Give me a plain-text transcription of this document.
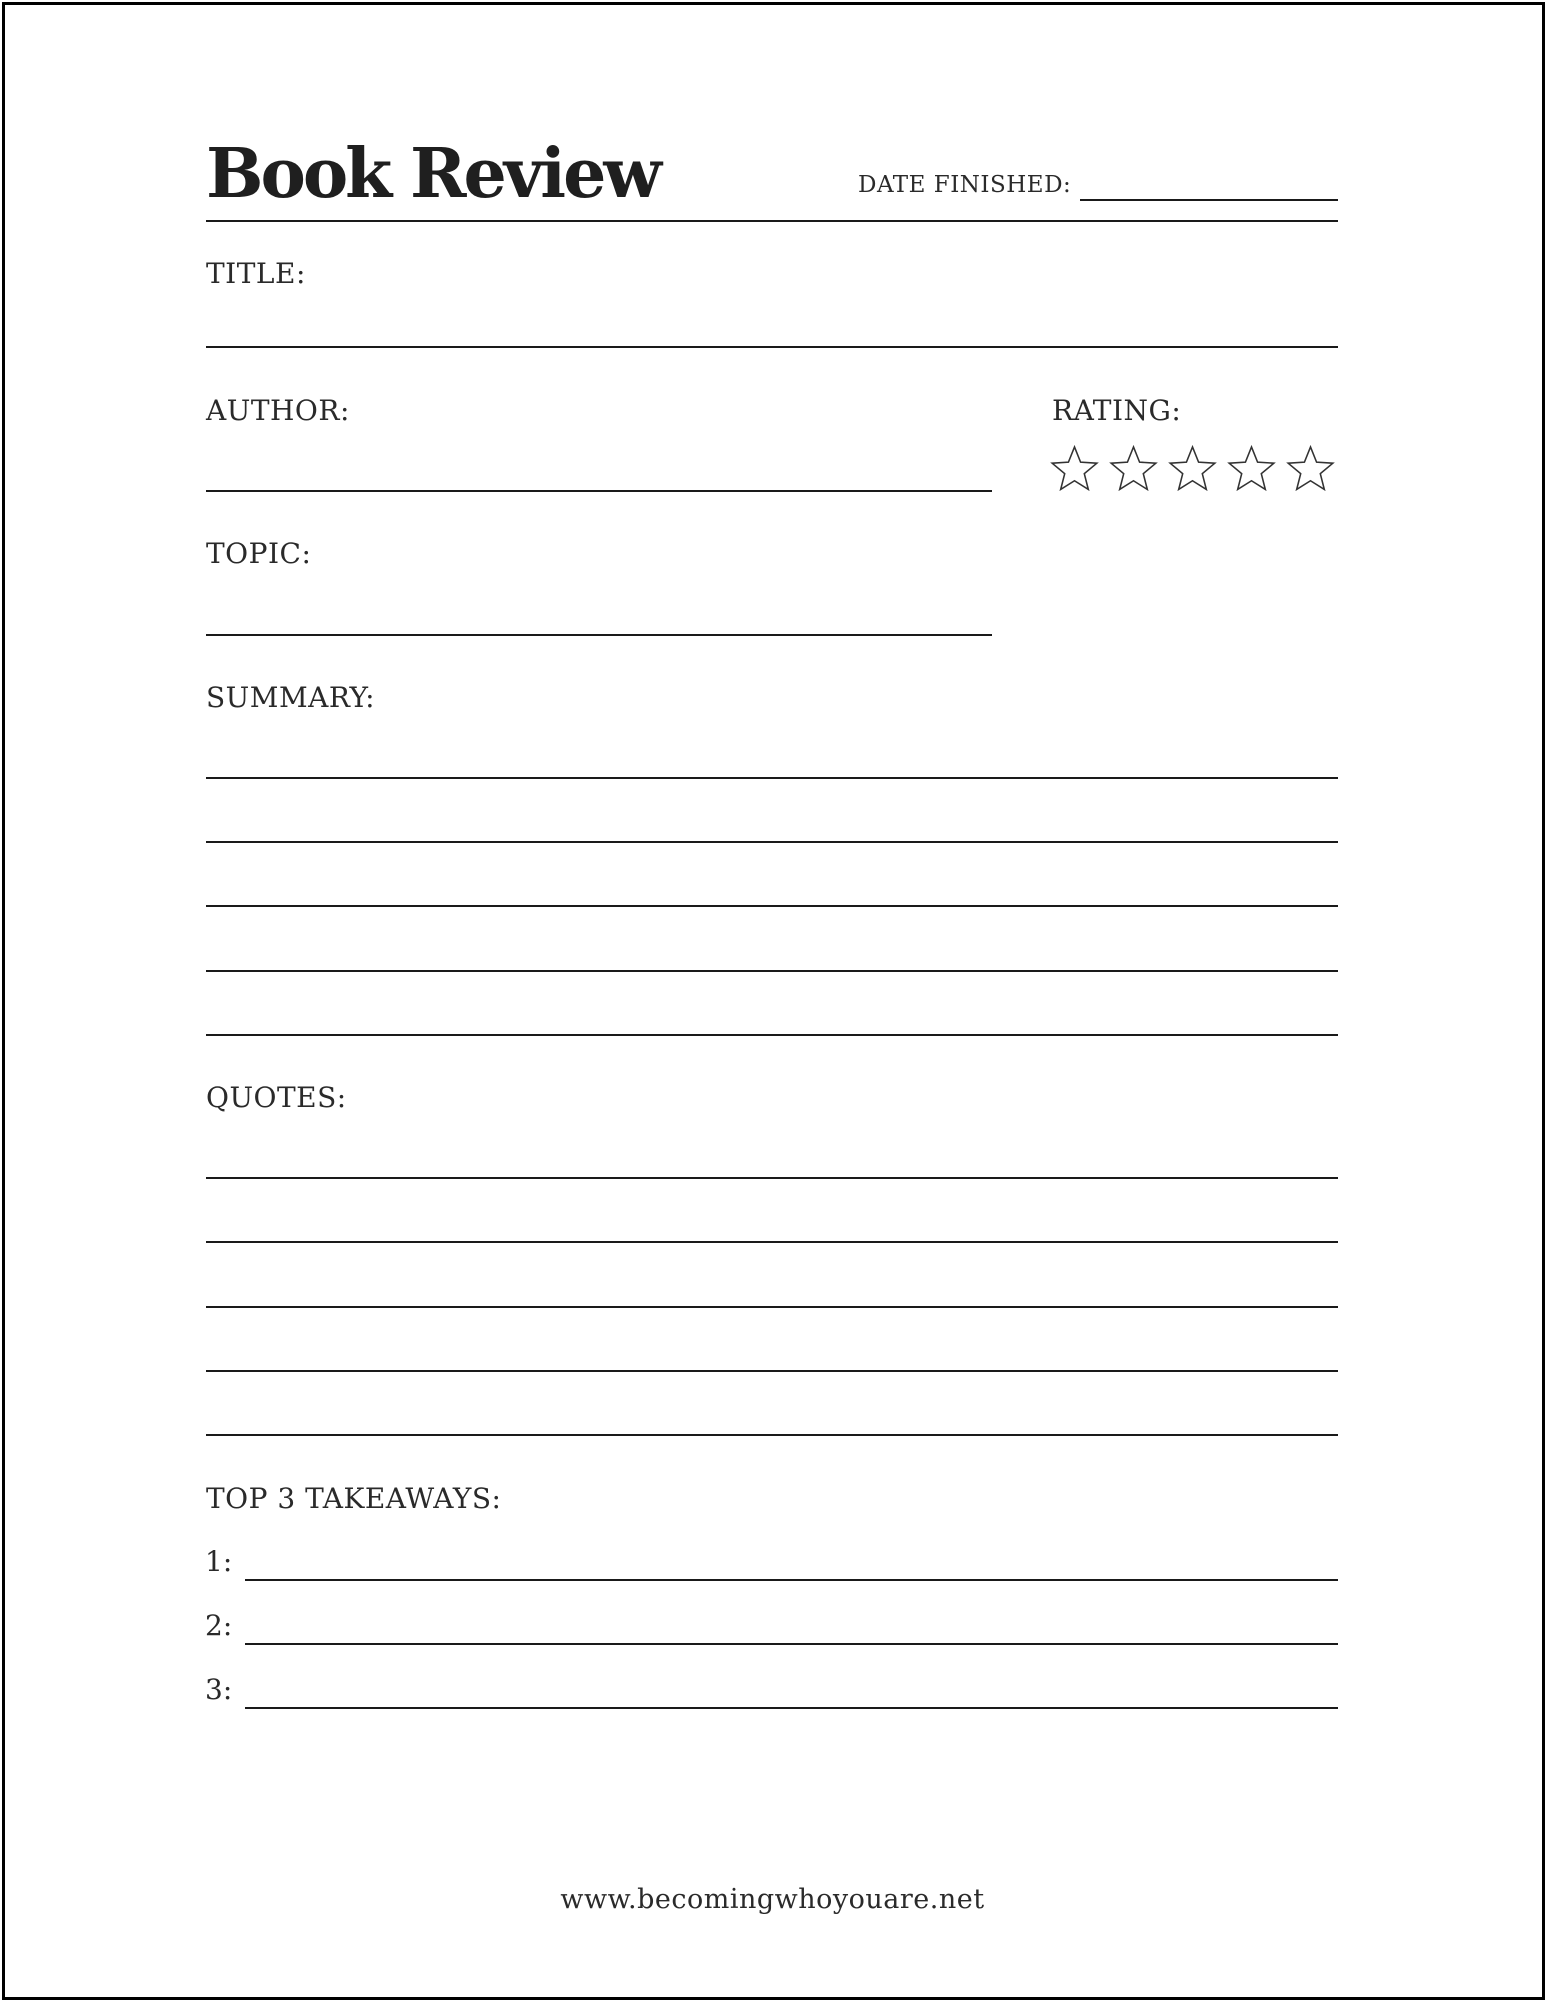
Book Review	DATE FINISHED:
TITLE:
AUTHOR:	RATING:
TOPIC:
SUMMARY:
QUOTES:
TOP 3 TAKEAWAYS:
1:
2:
3:
www.becomingwhoyouare.net
